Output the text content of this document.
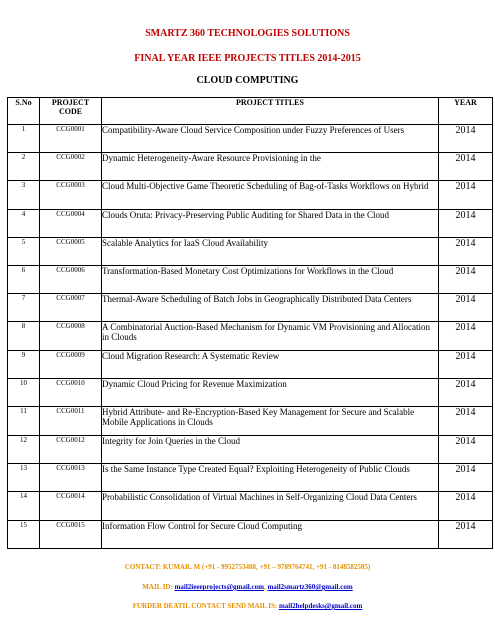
SMARTZ 360 TECHNOLOGIES SOLUTIONS
FINAL YEAR IEEE PROJECTS TITLES 2014-2015
CLOUD COMPUTING
S.No	PROJECT CODE	PROJECT TITLES	YEAR
1	CCG0001	Compatibility-Aware Cloud Service Composition under Fuzzy Preferences of Users	2014
2	CCG0002	Dynamic Heterogeneity-Aware Resource Provisioning in the	2014
3	CCG0003	Cloud Multi-Objective Game Theoretic Scheduling of Bag-of-Tasks Workflows on Hybrid	2014
4	CCG0004	Clouds Oruta: Privacy-Preserving Public Auditing for Shared Data in the Cloud	2014
5	CCG0005	Scalable Analytics for IaaS Cloud Availability	2014
6	CCG0006	Transformation-Based Monetary Cost Optimizations for Workflows in the Cloud	2014
7	CCG0007	Thermal-Aware Scheduling of Batch Jobs in Geographically Distributed Data Centers	2014
8	CCG0008	A Combinatorial Auction-Based Mechanism for Dynamic VM Provisioning and Allocation in Clouds	2014
9	CCG0009	Cloud Migration Research: A Systematic Review	2014
10	CCG0010	Dynamic Cloud Pricing for Revenue Maximization	2014
11	CCG0011	Hybrid Attribute- and Re-Encryption-Based Key Management for Secure and Scalable Mobile Applications in Clouds	2014
12	CCG0012	Integrity for Join Queries in the Cloud	2014
13	CCG0013	Is the Same Instance Type Created Equal? Exploiting Heterogeneity of Public Clouds	2014
14	CCG0014	Probabilistic Consolidation of Virtual Machines in Self-Organizing Cloud Data Centers	2014
15	CCG0015	Information Flow Control for Secure Cloud Computing	2014
CONTACT: KUMAR. M (+91 - 9952753488, +91 – 9789764741, +91 - 8148582585)
MAIL ID: mail2ieeeprojects@gmail.com, mail2smartz360@gmail.com
FURDER DEATIL CONTACT SEND MAIL IS: mail2helpdesks@gmail.com
